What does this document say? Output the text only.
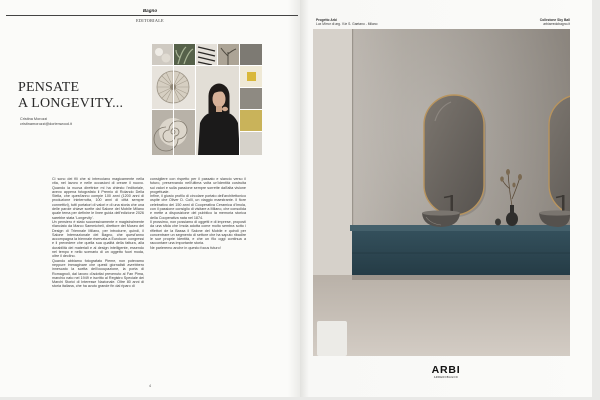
Bagno
EDITORIALE
PENSATE
A LONGEVITY...
Cristina Morozzi
cristinamorozzi@dorlenwood.it

Ci sono dei fili che si intrecciano magicamente nella vita, nel lavoro e nelle occasioni di creare il nuovo. Quando la nuova direttrice mi ha chiesto l'editoriale, avevo appena fotografato il Premio di Rolando Della Stella, che quest'anno compie 100 anni (1200 anni di produzione ininterrotta, 100 anni di città sempre connettivi), tutti portatori di valori e di una storia che una delle parole chiave scelte dal Salone del Mobile Milano quale tema per definire le linee guida dell'edizione 2026 sarebbe stata 'Longevity'.

Un pensiero è stato successivamente e magistralmente rilanciato da Marco Sammicheli, direttore del Museo del Design di Triennale Milano, per introdurre, quindi, il Salone Internazionale del Bagno, che quest'anno accompagna la biennale riservata a Euroluce: congressi e il prevedere che quella sua qualità della fattura, alla durabilità dei materiali e al design intelligente, essendo nel tempo e nello scenario di un oggetto fuori moda, oltre il declino.

Quando abbiamo fotografato Pieme, non potevamo neppure immaginare che questi giornalisti avrebbero innescato la scelta dell'occupazione, la porta di Romagnoli, dal lavoro d'adottai prevenuto al Fan Pima, marchio nato nel 1949 e iscritto al Registro Speciale dei Marchi Storici di Interesse Nazionale. Oltre 80 anni di storia italiana, che ha avuto grande fin dal riparo di

consigliere con rispetto per il passato e slancio verso il futuro, preservando nell'ultima volta un'identità costruita sui valori e sulla passione sempre sorrette dall'alta visione progettuale.

Infine, il giusto profilo di circolare portato dell'architettonico ospite che Oliver D. Colli, un viaggio maestrante. Il fiore celebrativo dei 150 anni di Cooperativa Ceramica d'Imola, con il passione consiglio di visitare a Milano, che consolida e mette a disposizione del pubblico la memoria storica della Cooperativa nata nel 1874.

Il prossimo, non possiamo di oggetti e di imprese, proposti da una sfida che Imola adotta come molto sembra sotto i riflettori de la Bassa il Salone del Mobile e quindi per concentrare un segmento di settore che ha saputo ribadire le sue proprie identità, e che un filo oggi continua a raccontare una importante storia.

Ne parleremo anche in questo focus futuro!

4
Progetto Arbi
Lux Mirror di arg. V.le S. Gaetano - Milano
Collezione Sky Ball
arbiarredobagno.it
ARBI
ARREDOBAGNO
